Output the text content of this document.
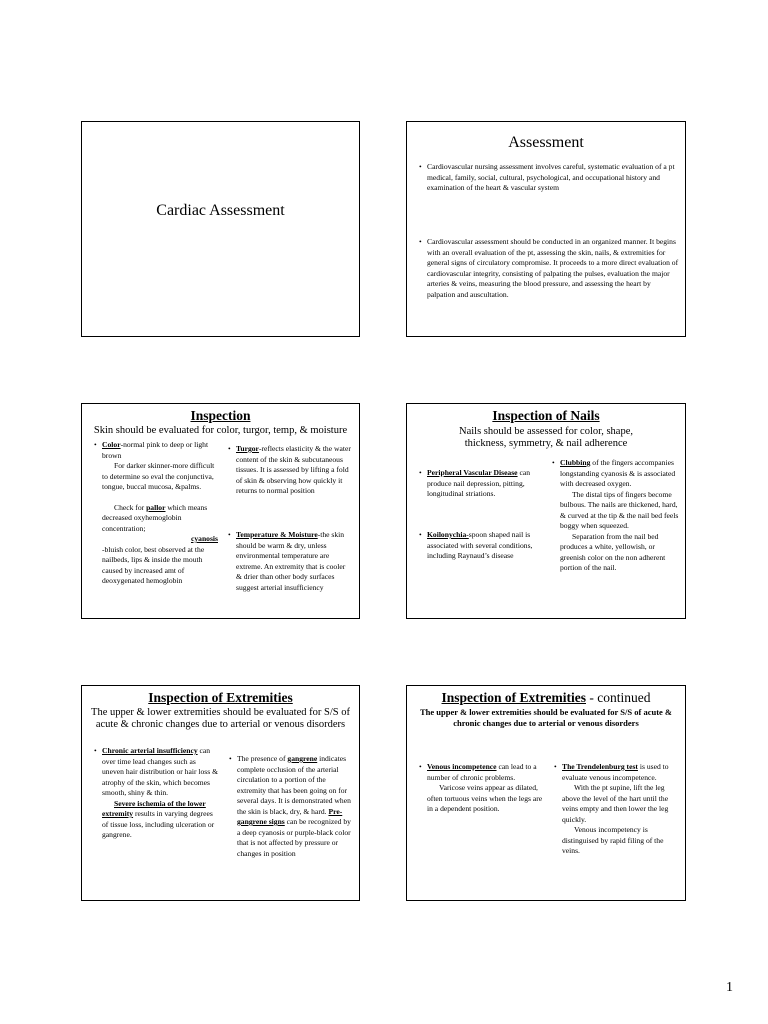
Cardiac Assessment
Assessment
• Cardiovascular nursing assessment involves careful, systematic evaluation of a pt medical, family, social, cultural, psychological, and occupational history and examination of the heart & vascular system

• Cardiovascular assessment should be conducted in an organized manner. It begins with an overall evaluation of the pt, assessing the skin, nails, & extremities for general signs of circulatory compromise. It proceeds to a more direct evaluation of cardiovascular integrity, consisting of palpating the pulses, evaluation the major arteries & veins, measuring the blood pressure, and assessing the heart by palpation and auscultation.

Inspection
Skin should be evaluated for color, turgor, temp, & moisture
• Color-normal pink to deep or light brown

For darker skinner-more difficult to determine so eval the conjunctiva, tongue, buccal mucosa, &palms.

Check for pallor which means decreased oxyhemoglobin concentration;

cyanosis

-bluish color, best observed at the nailbeds, lips & inside the mouth caused by increased amt of deoxygenated hemoglobin

• Turgor-reflects elasticity & the water content of the skin & subcutaneous tissues. It is assessed by lifting a fold of skin & observing how quickly it returns to normal position

• Temperature & Moisture-the skin should be warm & dry, unless environmental temperature are extreme. An extremity that is cooler & drier than other body surfaces suggest arterial insufficiency

Inspection of Nails
Nails should be assessed for color, shape, thickness, symmetry, & nail adherence
• Peripheral Vascular Disease can produce nail depression, pitting, longitudinal striations.

• Koilonychia-spoon shaped nail is associated with several conditions, including Raynaud’s disease

• Clubbing of the fingers accompanies longstanding cyanosis & is associated with decreased oxygen.

The distal tips of fingers become bulbous. The nails are thickened, hard, & curved at the tip & the nail bed feels boggy when squeezed.

Separation from the nail bed produces a white, yellowish, or greenish color on the non adherent portion of the nail.

Inspection of Extremities
The upper & lower extremities should be evaluated for S/S of acute & chronic changes due to arterial or venous disorders
• Chronic arterial insufficiency can over time lead changes such as uneven hair distribution or hair loss & atrophy of the skin, which becomes smooth, shiny & thin.

Severe ischemia of the lower extremity results in varying degrees of tissue loss, including ulceration or gangrene.

• The presence of gangrene indicates complete occlusion of the arterial circulation to a portion of the extremity that has been going on for several days. It is demonstrated when the skin is black, dry, & hard. Pre-gangrene signs can be recognized by a deep cyanosis or purple-black color that is not affected by pressure or changes in position

Inspection of Extremities - continued
The upper & lower extremities should be evaluated for S/S of acute & chronic changes due to arterial or venous disorders
• Venous incompetence can lead to a number of chronic problems.

Varicose veins appear as dilated, often tortuous veins when the legs are in a dependent position.

• The Trendelenburg test is used to evaluate venous incompetence.

With the pt supine, lift the leg above the level of the hart until the veins empty and then lower the leg quickly.

Venous incompetency is distinguised by rapid filing of the veins.

1
